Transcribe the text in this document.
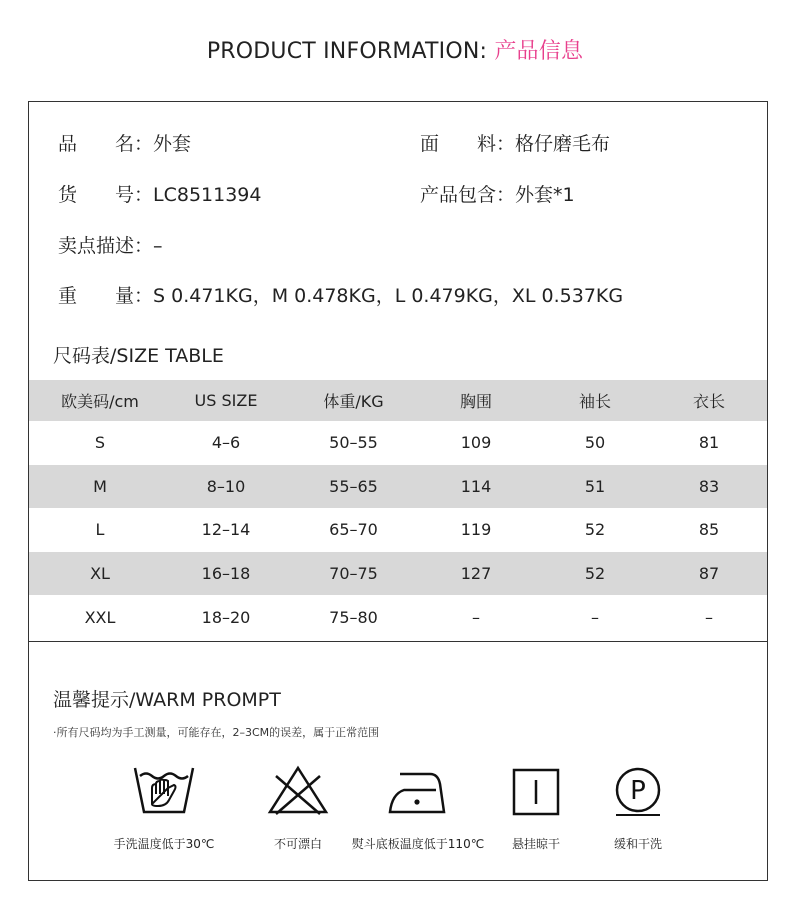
PRODUCT INFORMATION: 产品信息
品　　名：外套	面　　料：格仔磨毛布
货　　号：LC8511394	产品包含：外套*1
卖点描述：–
重　　量：S 0.471KG，M 0.478KG，L 0.479KG，XL 0.537KG
尺码表/SIZE TABLE
欧美码/cm	US SIZE	体重/KG	胸围	袖长	衣长
S	4–6	50–55	109	50	81
M	8–10	55–65	114	51	83
L	12–14	65–70	119	52	85
XL	16–18	70–75	127	52	87
XXL	18–20	75–80	–	–	–
温馨提示/WARM PROMPT
·所有尺码均为手工测量，可能存在，2–3CM的误差，属于正常范围
手洗温度低于30℃	不可漂白	熨斗底板温度低于110℃	悬挂晾干
P
缓和干洗
